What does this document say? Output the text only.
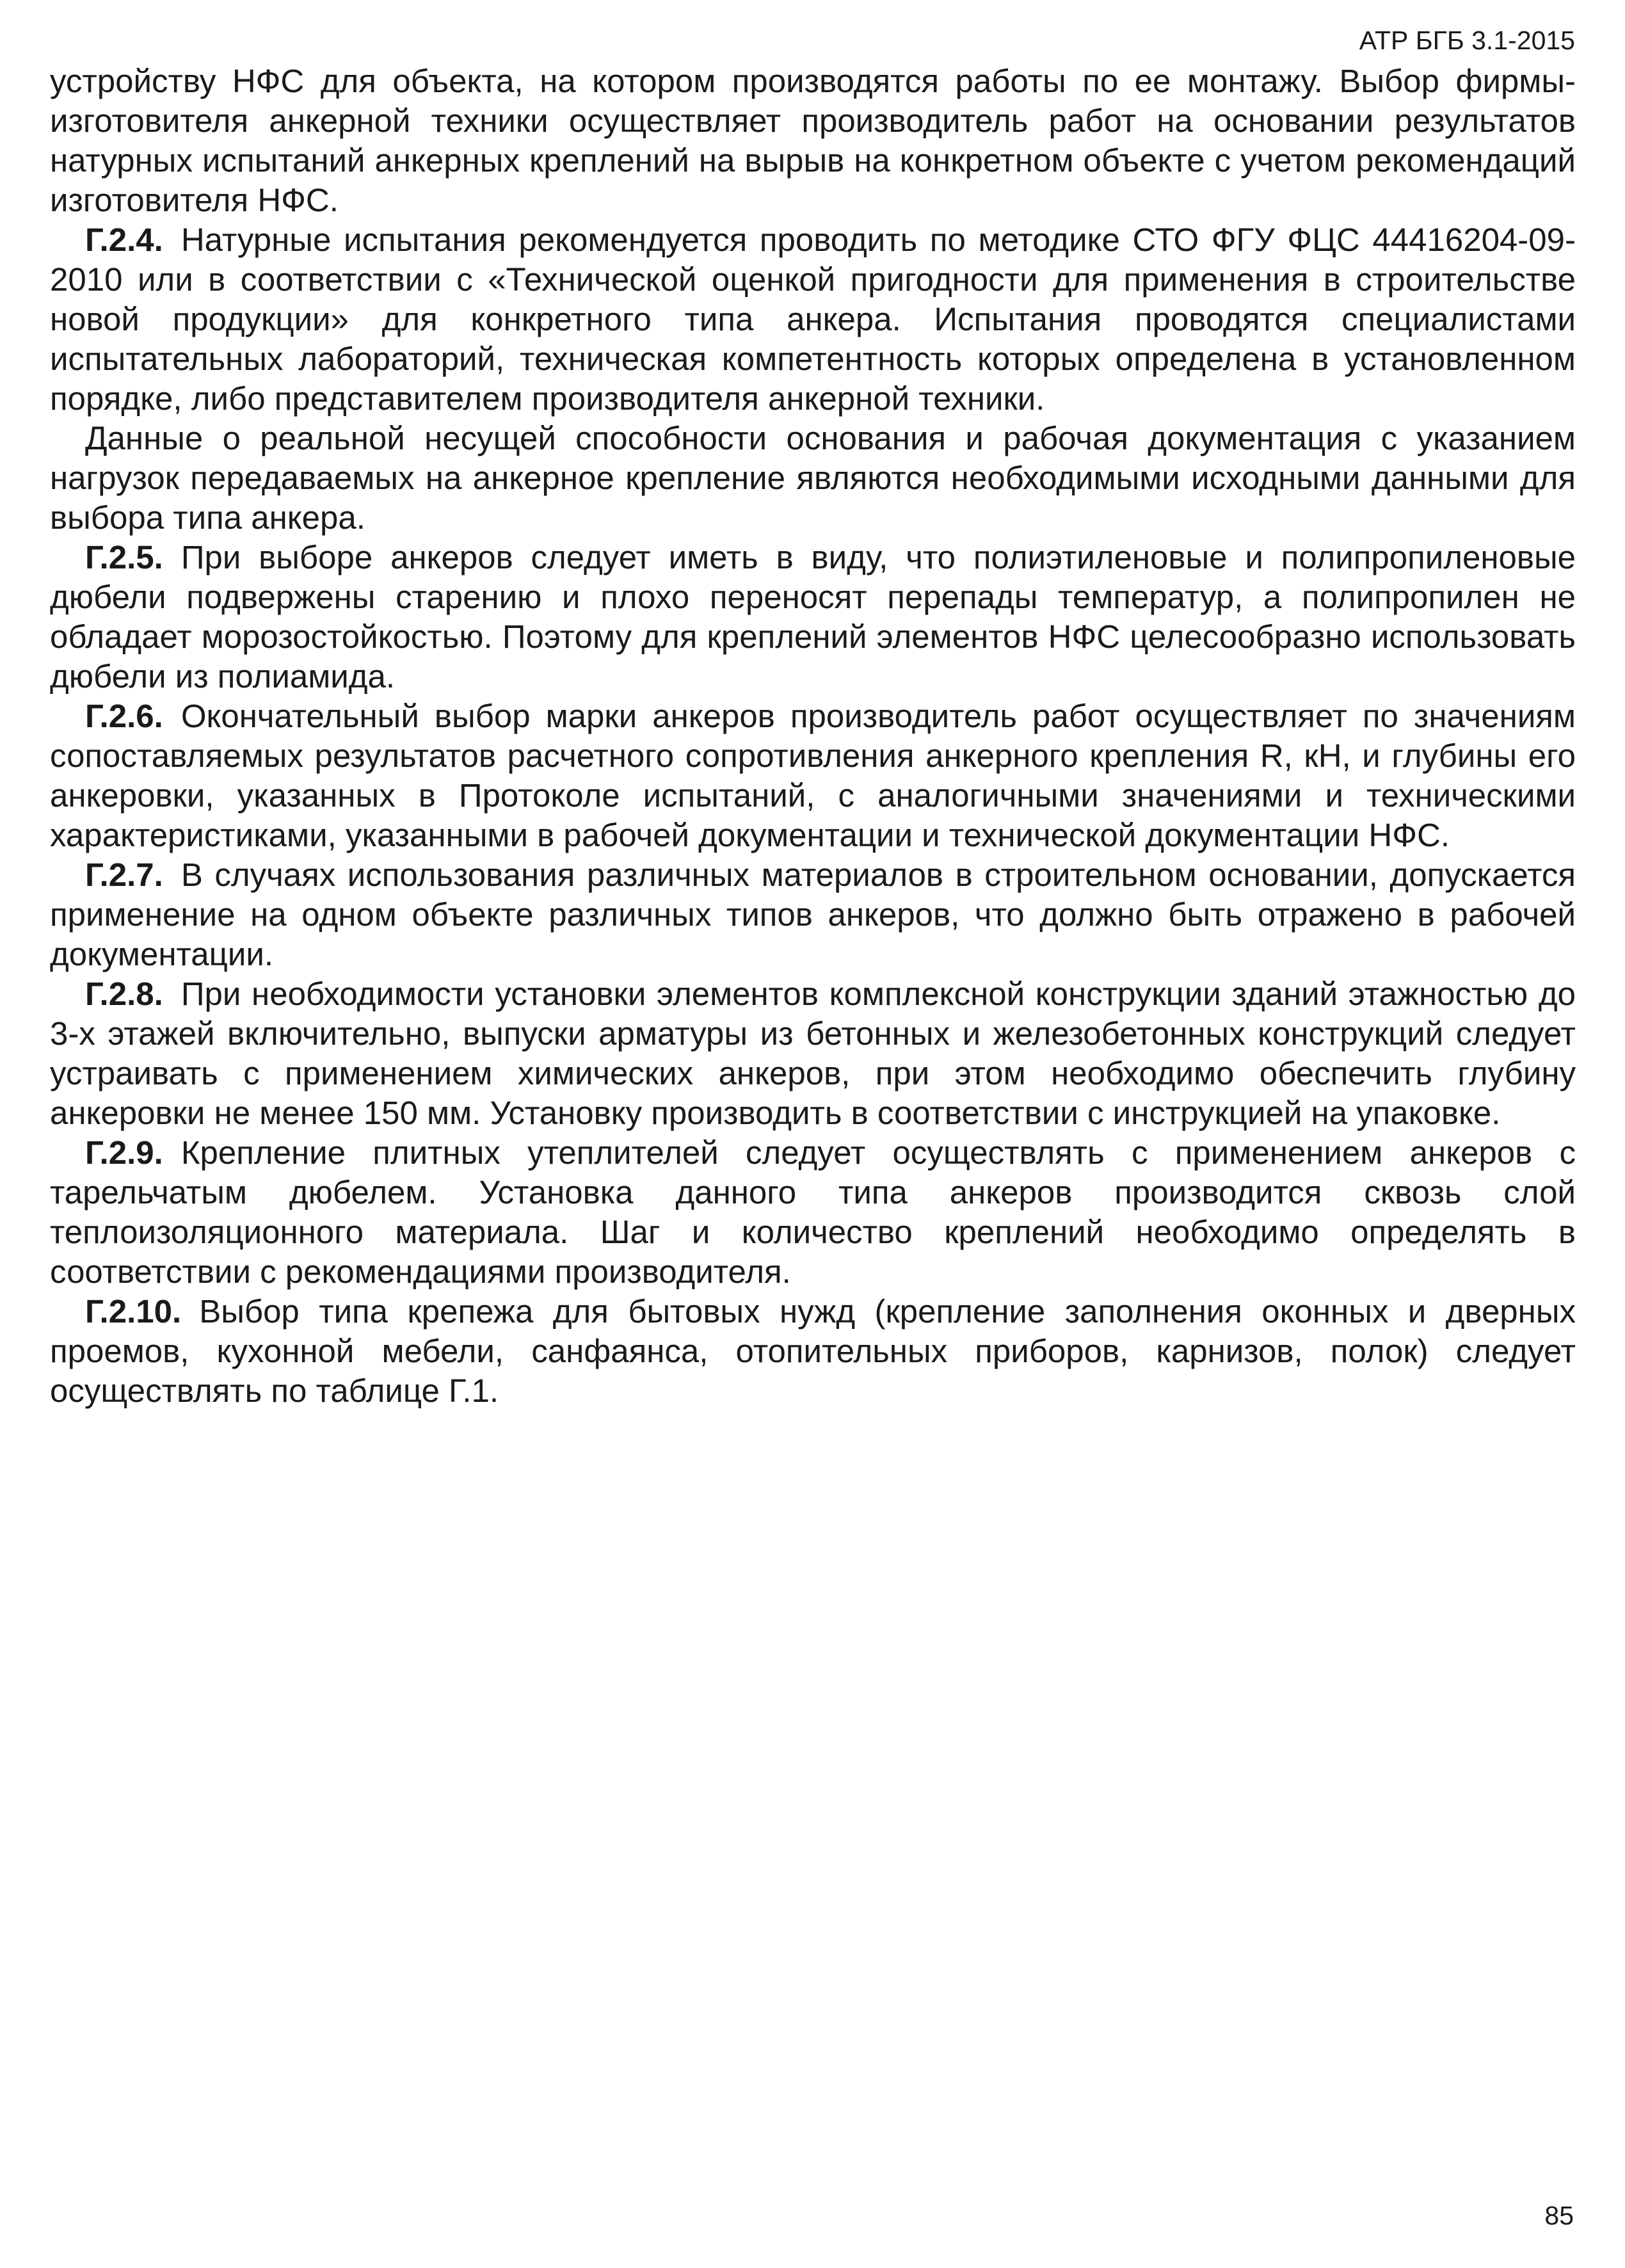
АТР БГБ 3.1-2015

устройству НФС для объекта, на котором производятся работы по ее монтажу. Выбор фирмы-изготовителя анкерной техники осуществляет производитель работ на основании результатов натурных испытаний анкерных креплений на вырыв на конкретном объекте с учетом рекомендаций изготовителя НФС.

Г.2.4. Натурные испытания рекомендуется проводить по методике СТО ФГУ ФЦС 44416204-09-2010 или в соответствии с «Технической оценкой пригодности для применения в строительстве новой продукции» для конкретного типа анкера. Испытания проводятся специалистами испытательных лабораторий, техническая компетентность которых определена в установленном порядке, либо представителем производителя анкерной техники.

Данные о реальной несущей способности основания и рабочая документация с указанием нагрузок передаваемых на анкерное крепление являются необходимыми исходными данными для выбора типа анкера.

Г.2.5. При выборе анкеров следует иметь в виду, что полиэтиленовые и полипропиленовые дюбели подвержены старению и плохо переносят перепады температур, а полипропилен не обладает морозостойкостью. Поэтому для креплений элементов НФС целесообразно использовать дюбели из полиамида.

Г.2.6. Окончательный выбор марки анкеров производитель работ осуществляет по значениям сопоставляемых результатов расчетного сопротивления анкерного крепления R, кН, и глубины его анкеровки, указанных в Протоколе испытаний, с аналогичными значениями и техническими характеристиками, указанными в рабочей документации и технической документации НФС.

Г.2.7. В случаях использования различных материалов в строительном основании, допускается применение на одном объекте различных типов анкеров, что должно быть отражено в рабочей документации.

Г.2.8. При необходимости установки элементов комплексной конструкции зданий этажностью до 3-х этажей включительно, выпуски арматуры из бетонных и железобетонных конструкций следует устраивать с применением химических анкеров, при этом необходимо обеспечить глубину анкеровки не менее 150 мм. Установку производить в соответствии с инструкцией на упаковке.

Г.2.9. Крепление плитных утеплителей следует осуществлять с применением анкеров с тарельчатым дюбелем. Установка данного типа анкеров производится сквозь слой теплоизоляционного материала. Шаг и количество креплений необходимо определять в соответствии с рекомендациями производителя.

Г.2.10. Выбор типа крепежа для бытовых нужд (крепление заполнения оконных и дверных проемов, кухонной мебели, санфаянса, отопительных приборов, карнизов, полок) следует осуществлять по таблице Г.1.

85
